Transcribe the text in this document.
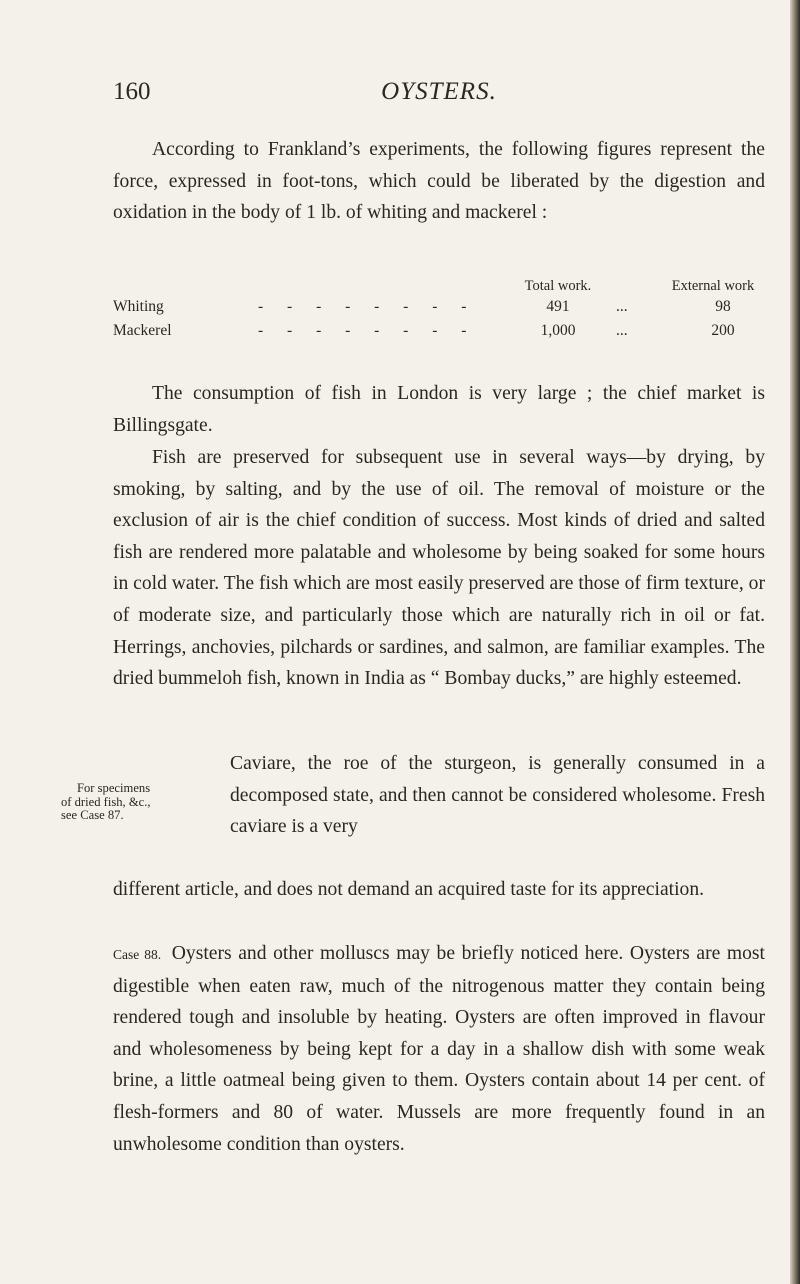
160	OYSTERS.

According to Frankland’s experiments, the following figures represent the force, expressed in foot-tons, which could be liberated by the digestion and oxidation in the body of 1 lb. of whiting and mackerel :

Total work.	External work
Whiting	- - - - - - - -	491	...	98
Mackerel	- - - - - - - -	1,000	...	200

The consumption of fish in London is very large ; the chief market is Billingsgate.

Fish are preserved for subsequent use in several ways—by drying, by smoking, by salting, and by the use of oil. The removal of moisture or the exclusion of air is the chief condition of success. Most kinds of dried and salted fish are rendered more palatable and wholesome by being soaked for some hours in cold water. The fish which are most easily preserved are those of firm texture, or of moderate size, and particularly those which are naturally rich in oil or fat. Herrings, anchovies, pilchards or sardines, and salmon, are familiar examples. The dried bummeloh fish, known in India as “ Bombay ducks,” are highly esteemed.

Caviare, the roe of the sturgeon, is generally consumed in a decomposed state, and then cannot be considered wholesome. Fresh caviare is a very

For specimens
of dried fish, &c.,
see Case 87.

different article, and does not demand an acquired taste for its appreciation.

Case 88. Oysters and other molluscs may be briefly noticed here. Oysters are most digestible when eaten raw, much of the nitrogenous matter they contain being rendered tough and insoluble by heating. Oysters are often improved in flavour and wholesomeness by being kept for a day in a shallow dish with some weak brine, a little oatmeal being given to them. Oysters contain about 14 per cent. of flesh-formers and 80 of water. Mussels are more frequently found in an unwholesome condition than oysters.
